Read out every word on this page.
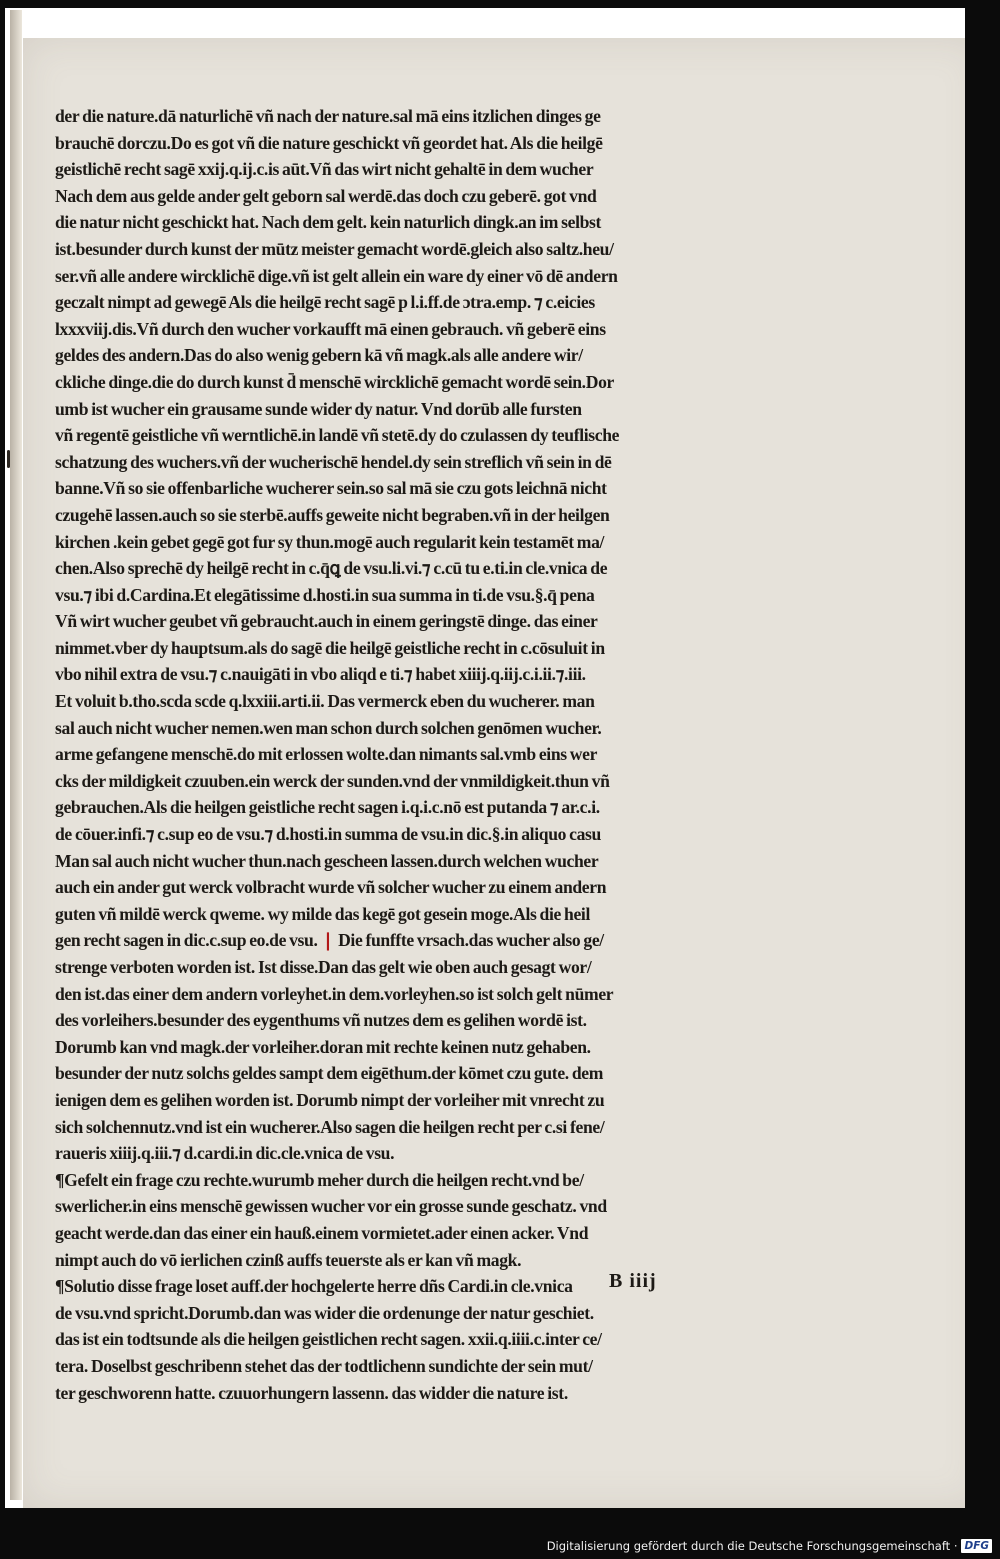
der die nature.dā naturlichē vñ nach der nature.sal mā eins itzlichen dinges ge
brauchē dorczu.Do es got vñ die nature geschickt vñ geordet hat. Als die heilgē
geistlichē recht sagē xxij.q.ij.c.is aūt.Vñ das wirt nicht gehaltē in dem wucher
Nach dem aus gelde ander gelt geborn sal werdē.das doch czu geberē. got vnd
die natur nicht geschickt hat. Nach dem gelt. kein naturlich dingk.an im selbst
ist.besunder durch kunst der mūtz meister gemacht wordē.gleich also saltz.heu/
ser.vñ alle andere wircklichē dige.vñ ist gelt allein ein ware dy einer vō dē andern
geczalt nimpt ad gewegē Als die heilgē recht sagē p l.i.ff.de ɔtra.emp. ⁊ c.eicies
lxxxviij.dis.Vñ durch den wucher vorkaufft mā einen gebrauch. vñ geberē eins
geldes des andern.Das do also wenig gebern kā vñ magk.als alle andere wir/
ckliche dinge.die do durch kunst d̄ menschē wircklichē gemacht wordē sein.Dor
umb ist wucher ein grausame sunde wider dy natur. Vnd dorūb alle fursten
vñ regentē geistliche vñ werntlichē.in landē vñ stetē.dy do czulassen dy teuflische
schatzung des wuchers.vñ der wucherischē hendel.dy sein streflich vñ sein in dē
banne.Vñ so sie offenbarliche wucherer sein.so sal mā sie czu gots leichnā nicht
czugehē lassen.auch so sie sterbē.auffs geweite nicht begraben.vñ in der heilgen
kirchen .kein gebet gegē got fur sy thun.mogē auch regularit kein testamēt ma/
chen.Also sprechē dy heilgē recht in c.q̄ꝗ de vsu.li.vi.⁊ c.cū tu e.ti.in cle.vnica de
vsu.⁊ ibi d.Cardina.Et elegātissime d.hosti.in sua summa in ti.de vsu.§.q̄ pena
Vñ wirt wucher geubet vñ gebraucht.auch in einem geringstē dinge. das einer
nimmet.vber dy hauptsum.als do sagē die heilgē geistliche recht in c.cōsuluit in
vbo nihil extra de vsu.⁊ c.nauigāti in vbo aliqd e ti.⁊ habet xiiij.q.iij.c.i.ii.⁊.iii.
Et voluit b.tho.scda scde q.lxxiii.arti.ii. Das vermerck eben du wucherer. man
sal auch nicht wucher nemen.wen man schon durch solchen genōmen wucher.
arme gefangene menschē.do mit erlossen wolte.dan nimants sal.vmb eins wer
cks der mildigkeit czuuben.ein werck der sunden.vnd der vnmildigkeit.thun vñ
gebrauchen.Als die heilgen geistliche recht sagen i.q.i.c.nō est putanda ⁊ ar.c.i.
de cōuer.infi.⁊ c.sup eo de vsu.⁊ d.hosti.in summa de vsu.in dic.§.in aliquo casu
Man sal auch nicht wucher thun.nach gescheen lassen.durch welchen wucher
auch ein ander gut werck volbracht wurde vñ solcher wucher zu einem andern
guten vñ mildē werck qweme. wy milde das kegē got gesein moge.Als die heil
gen recht sagen in dic.c.sup eo.de vsu. ❘ Die funffte vrsach.das wucher also ge/
strenge verboten worden ist. Ist disse.Dan das gelt wie oben auch gesagt wor/
den ist.das einer dem andern vorleyhet.in dem.vorleyhen.so ist solch gelt nūmer
des vorleihers.besunder des eygenthums vñ nutzes dem es gelihen wordē ist.
Dorumb kan vnd magk.der vorleiher.doran mit rechte keinen nutz gehaben.
besunder der nutz solchs geldes sampt dem eigēthum.der kōmet czu gute. dem
ienigen dem es gelihen worden ist. Dorumb nimpt der vorleiher mit vnrecht zu
sich solchennutz.vnd ist ein wucherer.Also sagen die heilgen recht per c.si fene/
raueris xiiij.q.iii.⁊ d.cardi.in dic.cle.vnica de vsu.
¶Gefelt ein frage czu rechte.wurumb meher durch die heilgen recht.vnd be/
swerlicher.in eins menschē gewissen wucher vor ein grosse sunde geschatz. vnd
geacht werde.dan das einer ein hauß.einem vormietet.ader einen acker. Vnd
nimpt auch do vō ierlichen czinß auffs teuerste als er kan vñ magk.
¶Solutio disse frage loset auff.der hochgelerte herre dñs Cardi.in cle.vnica
de vsu.vnd spricht.Dorumb.dan was wider die ordenunge der natur geschiet.
das ist ein todtsunde als die heilgen geistlichen recht sagen. xxii.q.iiii.c.inter ce/
tera. Doselbst geschribenn stehet das der todtlichenn sundichte der sein mut/
ter geschworenn hatte. czuuorhungern lassenn. das widder die nature ist.
B iiij
Digitalisierung gefördert durch die Deutsche Forschungsgemeinschaft · DFG
